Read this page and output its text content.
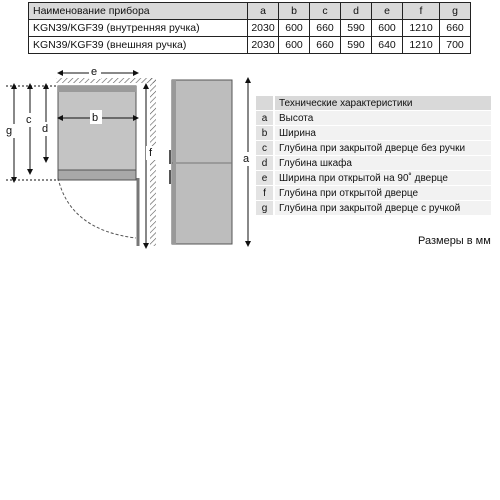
Наименование прибора	a	b	c	d	e	f	g
KGN39/KGF39 (внутренняя ручка)	2030	600	660	590	600	1210	660
KGN39/KGF39 (внешняя ручка)	2030	600	660	590	640	1210	700
e
b
g
c
d
f	a
	Технические характеристики
a	Высота
b	Ширина
c	Глубина при закрытой дверце без ручки
d	Глубина шкафа
e	Ширина при открытой на 90˚ дверце
f	Глубина при открытой дверце
g	Глубина при закрытой дверце с ручкой
Размеры в мм
